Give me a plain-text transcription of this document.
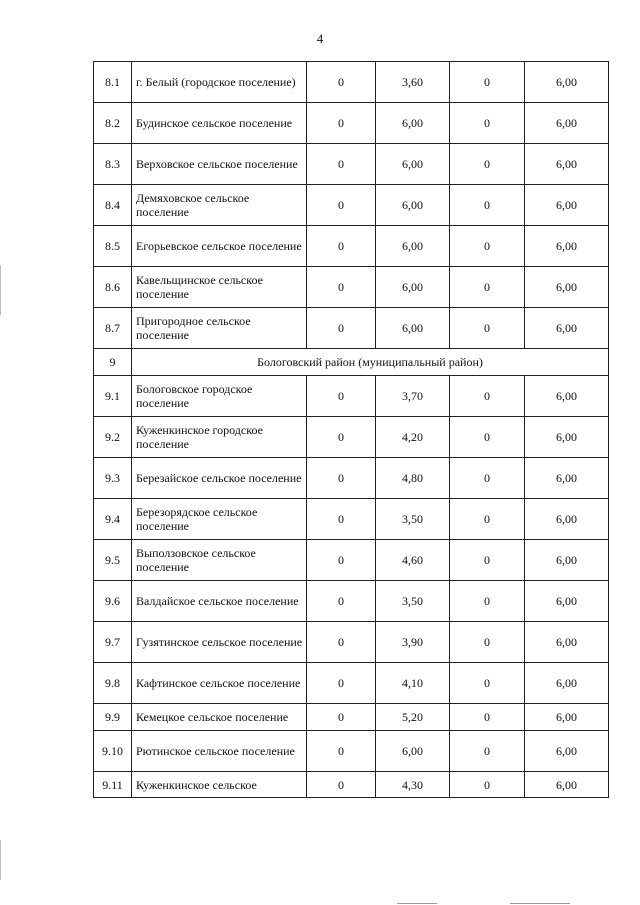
4
8.1	г. Белый (городское поселение)	0	3,60	0	6,00
8.2	Будинское сельское поселение	0	6,00	0	6,00
8.3	Верховское сельское поселение	0	6,00	0	6,00
8.4	Демяховское сельское поселение	0	6,00	0	6,00
8.5	Егорьевское сельское поселение	0	6,00	0	6,00
8.6	Кавельщинское сельское поселение	0	6,00	0	6,00
8.7	Пригородное сельское поселение	0	6,00	0	6,00
9	Бологовский район (муниципальный район)				
9.1	Бологовское городское поселение	0	3,70	0	6,00
9.2	Куженкинское городское поселение	0	4,20	0	6,00
9.3	Березайское сельское поселение	0	4,80	0	6,00
9.4	Березорядское сельское поселение	0	3,50	0	6,00
9.5	Выползовское сельское поселение	0	4,60	0	6,00
9.6	Валдайское сельское поселение	0	3,50	0	6,00
9.7	Гузятинское сельское поселение	0	3,90	0	6,00
9.8	Кафтинское сельское поселение	0	4,10	0	6,00
9.9	Кемецкое сельское поселение	0	5,20	0	6,00
9.10	Рютинское сельское поселение	0	6,00	0	6,00
9.11	Куженкинское сельское	0	4,30	0	6,00
